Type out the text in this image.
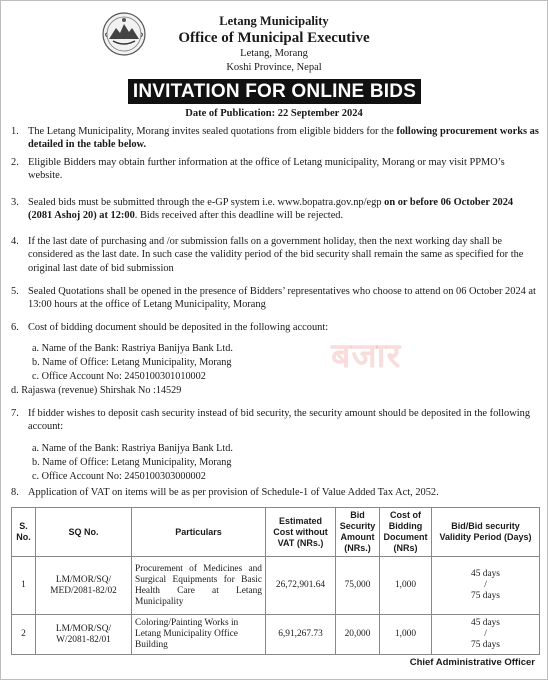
Letang Municipality
Office of Municipal Executive
Letang, Morang
Koshi Province, Nepal
INVITATION FOR ONLINE BIDS
Date of Publication: 22 September 2024
1. The Letang Municipality, Morang invites sealed quotations from eligible bidders for the following procurement works as detailed in the table below.
2. Eligible Bidders may obtain further information at the office of Letang municipality, Morang or may visit PPMO’s website.
3. Sealed bids must be submitted through the e-GP system i.e. www.bopatra.gov.np/egp on or before 06 October 2024 (2081 Ashoj 20) at 12:00. Bids received after this deadline will be rejected.
4. If the last date of purchasing and /or submission falls on a government holiday, then the next working day shall be considered as the last date. In such case the validity period of the bid security shall remain the same as specified for the original last date of bid submission
5. Sealed Quotations shall be opened in the presence of Bidders’ representatives who choose to attend on 06 October 2024 at 13:00 hours at the office of Letang Municipality, Morang
6. Cost of bidding document should be deposited in the following account:
a. Name of the Bank: Rastriya Banijya Bank Ltd.
b. Name of Office: Letang Municipality, Morang
c. Office Account No: 2450100301010002
d. Rajaswa (revenue) Shirshak No :14529
बजार
7. If bidder wishes to deposit cash security instead of bid security, the security amount should be deposited in the following account:
a. Name of the Bank: Rastriya Banijya Bank Ltd.
b. Name of Office: Letang Municipality, Morang
c. Office Account No: 2450100303000002
8. Application of VAT on items will be as per provision of Schedule-1 of Value Added Tax Act, 2052.
S. No.	SQ No.	Particulars	Estimated Cost without VAT (NRs.)	Bid Security Amount (NRs.)	Cost of Bidding Document (NRs)	Bid/Bid security Validity Period (Days)
1	LM/MOR/SQ/ MED/2081-82/02	Procurement of Medicines and Surgical Equipments for Basic Health Care at Letang Municipality	26,72,901.64	75,000	1,000	45 days
/
75 days

2	LM/MOR/SQ/ W/2081-82/01	Coloring/Painting Works in Letang Municipality Office Building	6,91,267.73	20,000	1,000	45 days
/
75 days
Chief Administrative Officer
